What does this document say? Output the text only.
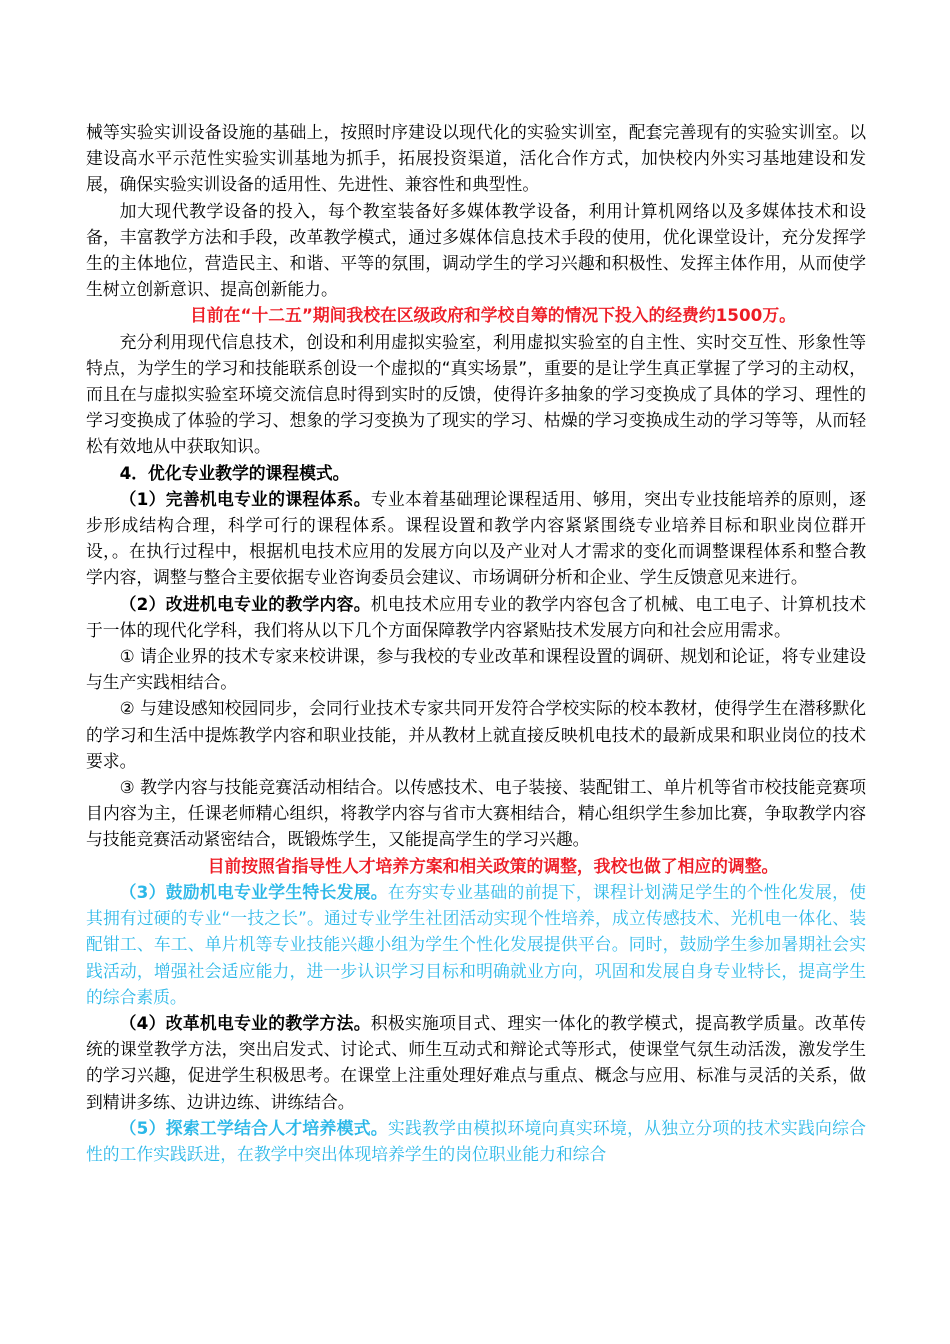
械等实验实训设备设施的基础上，按照时序建设以现代化的实验实训室，配套完善现有的实验实训室。以建设高水平示范性实验实训基地为抓手，拓展投资渠道，活化合作方式，加快校内外实习基地建设和发展，确保实验实训设备的适用性、先进性、兼容性和典型性。

加大现代教学设备的投入，每个教室装备好多媒体教学设备，利用计算机网络以及多媒体技术和设备，丰富教学方法和手段，改革教学模式，通过多媒体信息技术手段的使用，优化课堂设计，充分发挥学生的主体地位，营造民主、和谐、平等的氛围，调动学生的学习兴趣和积极性、发挥主体作用，从而使学生树立创新意识、提高创新能力。

目前在“十二五”期间我校在区级政府和学校自筹的情况下投入的经费约1500万。

充分利用现代信息技术，创设和利用虚拟实验室，利用虚拟实验室的自主性、实时交互性、形象性等特点，为学生的学习和技能联系创设一个虚拟的“真实场景”，重要的是让学生真正掌握了学习的主动权，而且在与虚拟实验室环境交流信息时得到实时的反馈，使得许多抽象的学习变换成了具体的学习、理性的学习变换成了体验的学习、想象的学习变换为了现实的学习、枯燥的学习变换成生动的学习等等，从而轻松有效地从中获取知识。

4．优化专业教学的课程模式。

（1）完善机电专业的课程体系。专业本着基础理论课程适用、够用，突出专业技能培养的原则，逐步形成结构合理，科学可行的课程体系。课程设置和教学内容紧紧围绕专业培养目标和职业岗位群开设，。在执行过程中，根据机电技术应用的发展方向以及产业对人才需求的变化而调整课程体系和整合教学内容，调整与整合主要依据专业咨询委员会建议、市场调研分析和企业、学生反馈意见来进行。

（2）改进机电专业的教学内容。机电技术应用专业的教学内容包含了机械、电工电子、计算机技术于一体的现代化学科，我们将从以下几个方面保障教学内容紧贴技术发展方向和社会应用需求。

① 请企业界的技术专家来校讲课，参与我校的专业改革和课程设置的调研、规划和论证，将专业建设与生产实践相结合。

② 与建设感知校园同步，会同行业技术专家共同开发符合学校实际的校本教材，使得学生在潜移默化的学习和生活中提炼教学内容和职业技能，并从教材上就直接反映机电技术的最新成果和职业岗位的技术要求。

③ 教学内容与技能竞赛活动相结合。以传感技术、电子装接、装配钳工、单片机等省市校技能竞赛项目内容为主，任课老师精心组织，将教学内容与省市大赛相结合，精心组织学生参加比赛，争取教学内容与技能竞赛活动紧密结合，既锻炼学生，又能提高学生的学习兴趣。

目前按照省指导性人才培养方案和相关政策的调整，我校也做了相应的调整。

（3）鼓励机电专业学生特长发展。在夯实专业基础的前提下，课程计划满足学生的个性化发展，使其拥有过硬的专业“一技之长”。通过专业学生社团活动实现个性培养，成立传感技术、光机电一体化、装配钳工、车工、单片机等专业技能兴趣小组为学生个性化发展提供平台。同时，鼓励学生参加暑期社会实践活动，增强社会适应能力，进一步认识学习目标和明确就业方向，巩固和发展自身专业特长，提高学生的综合素质。

（4）改革机电专业的教学方法。积极实施项目式、理实一体化的教学模式，提高教学质量。改革传统的课堂教学方法，突出启发式、讨论式、师生互动式和辩论式等形式，使课堂气氛生动活泼，激发学生的学习兴趣，促进学生积极思考。在课堂上注重处理好难点与重点、概念与应用、标准与灵活的关系，做到精讲多练、边讲边练、讲练结合。

（5）探索工学结合人才培养模式。实践教学由模拟环境向真实环境，从独立分项的技术实践向综合性的工作实践跃进，在教学中突出体现培养学生的岗位职业能力和综合
